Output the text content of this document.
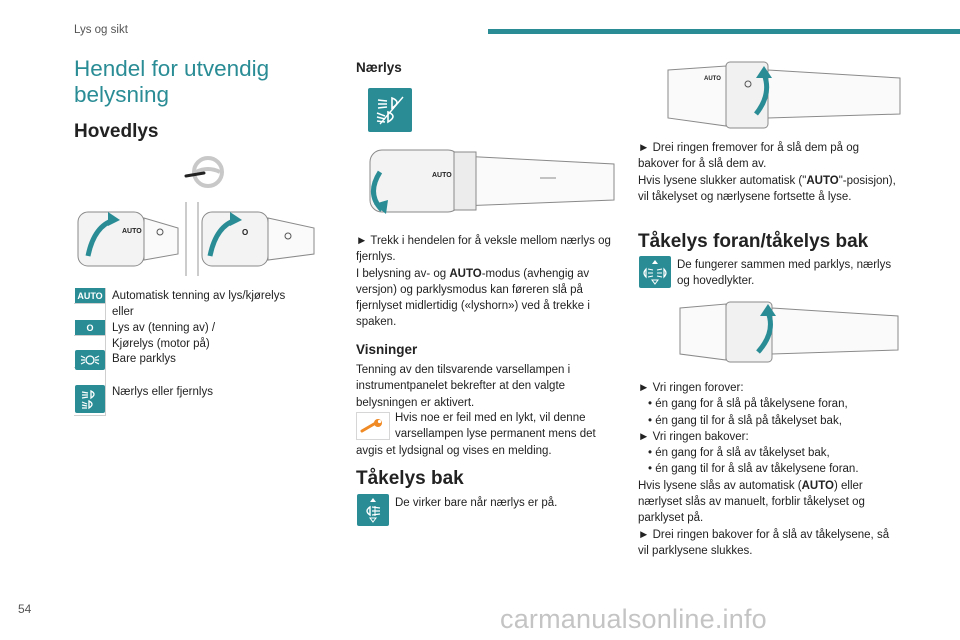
Lys og sikt
Hendel for utvendig belysning
Hovedlys
AUTO	O
AUTO
O
Automatisk tenning av lys/kjørelys
eller
Lys av (tenning av) /
Kjørelys (motor på)
Bare parklys
Nærlys eller fjernlys
Nærlys
AUTO
► Trekk i hendelen for å veksle mellom nærlys og fjernlys.
I belysning av- og AUTO-modus (avhengig av versjon) og parklysmodus kan føreren slå på fjernlyset midlertidig («lyshorn») ved å trekke i spaken.
Visninger
Tenning av den tilsvarende varsellampen i instrumentpanelet bekrefter at den valgte belysningen er aktivert.
Hvis noe er feil med en lykt, vil denne varsellampen lyse permanent mens det
avgis et lydsignal og vises en melding.
Tåkelys bak
De virker bare når nærlys er på.
AUTO
► Drei ringen fremover for å slå dem på og bakover for å slå dem av.
Hvis lysene slukker automatisk ("AUTO"-posisjon), vil tåkelyset og nærlysene fortsette å lyse.
Tåkelys foran/tåkelys bak
De fungerer sammen med parklys, nærlys og hovedlykter.
► Vri ringen forover:
• én gang for å slå på tåkelysene foran,
• én gang til for å slå på tåkelyset bak,
► Vri ringen bakover:
• én gang for å slå av tåkelyset bak,
• én gang til for å slå av tåkelysene foran.
Hvis lysene slås av automatisk (AUTO) eller nærlyset slås av manuelt, forblir tåkelyset og parklyset på.
► Drei ringen bakover for å slå av tåkelysene, så vil parklysene slukkes.
54	carmanualsonline.info
